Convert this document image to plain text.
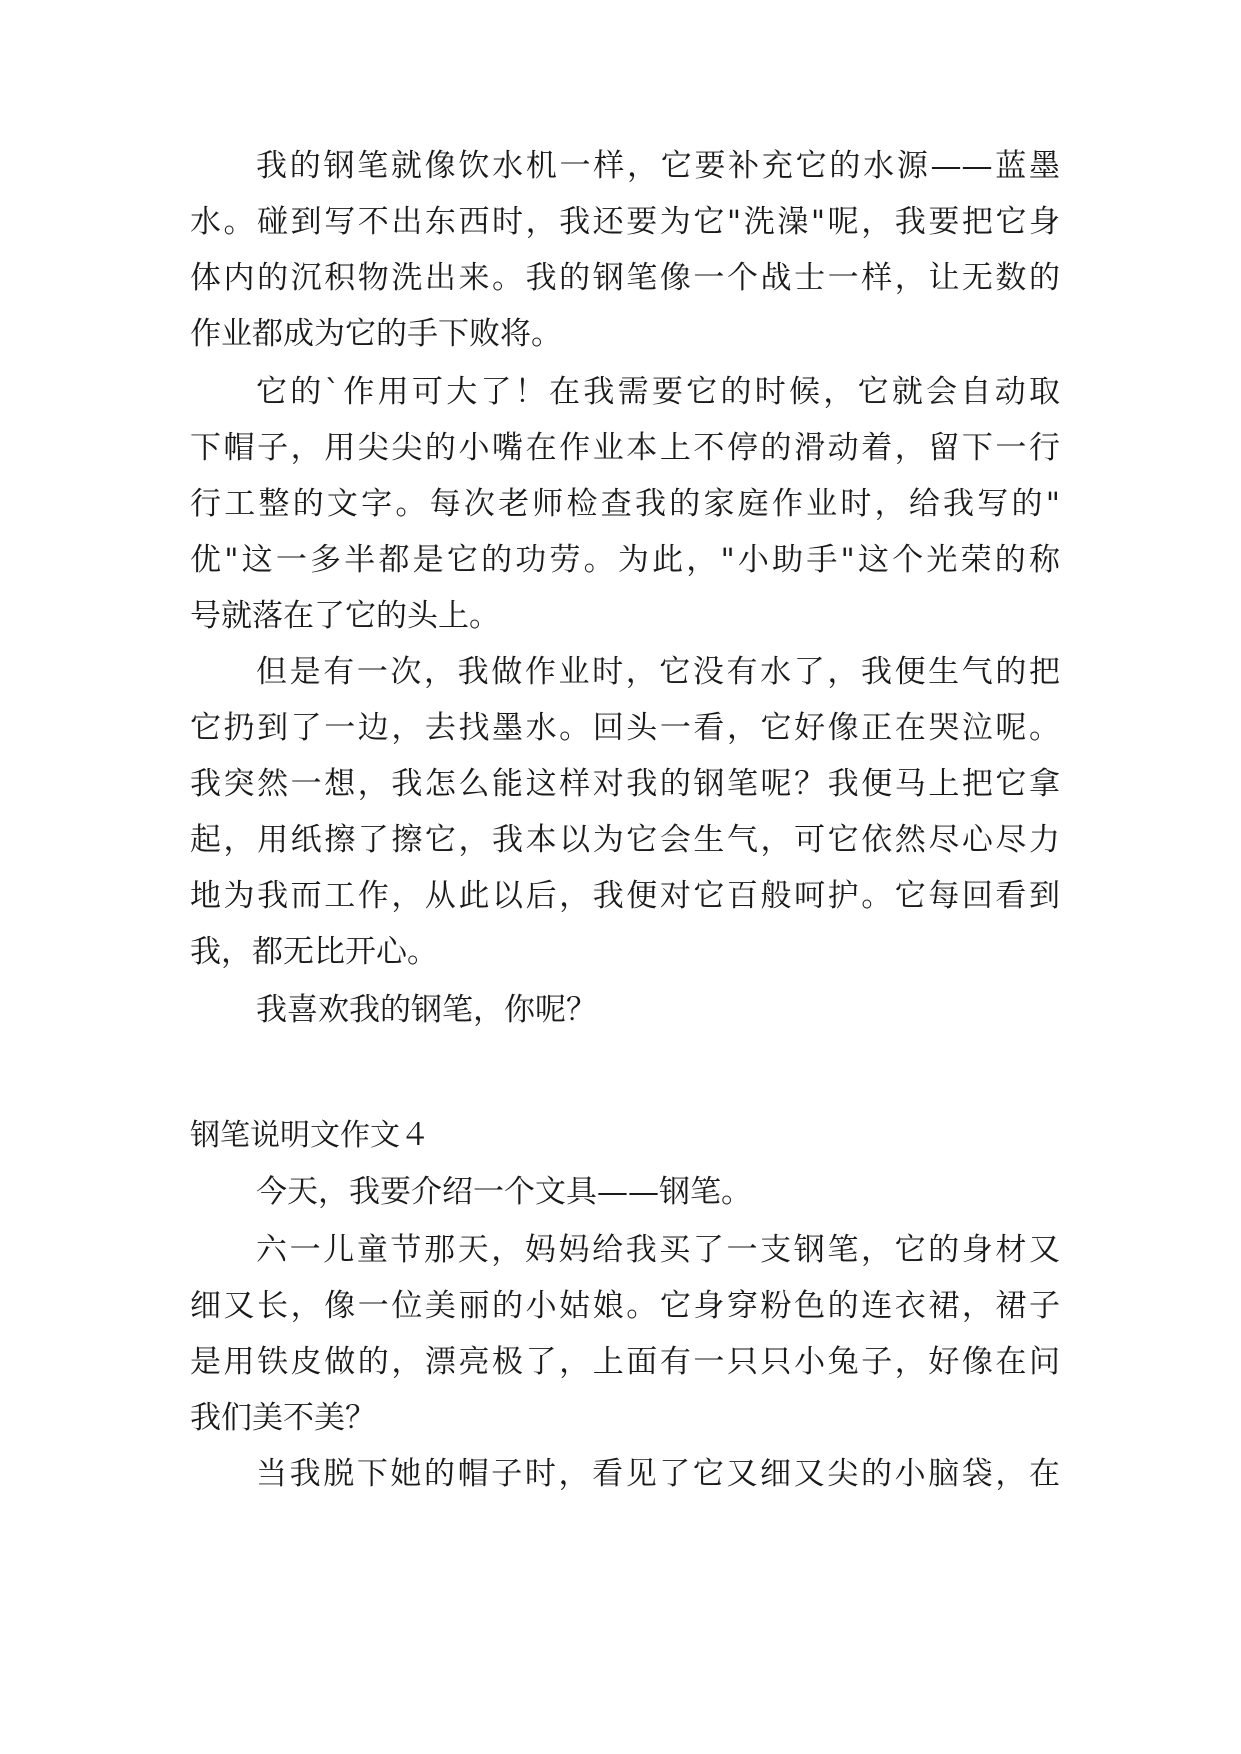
我的钢笔就像饮水机一样，它要补充它的水源——蓝墨
水。碰到写不出东西时，我还要为它"洗澡"呢，我要把它身
体内的沉积物洗出来。我的钢笔像一个战士一样，让无数的
作业都成为它的手下败将。
它的`作用可大了！在我需要它的时候，它就会自动取
下帽子，用尖尖的小嘴在作业本上不停的滑动着，留下一行
行工整的文字。每次老师检查我的家庭作业时，给我写的"
优"这一多半都是它的功劳。为此，"小助手"这个光荣的称
号就落在了它的头上。
但是有一次，我做作业时，它没有水了，我便生气的把
它扔到了一边，去找墨水。回头一看，它好像正在哭泣呢。
我突然一想，我怎么能这样对我的钢笔呢？我便马上把它拿
起，用纸擦了擦它，我本以为它会生气，可它依然尽心尽力
地为我而工作，从此以后，我便对它百般呵护。它每回看到
我，都无比开心。
我喜欢我的钢笔，你呢？
钢笔说明文作文４
今天，我要介绍一个文具——钢笔。
六一儿童节那天，妈妈给我买了一支钢笔，它的身材又
细又长，像一位美丽的小姑娘。它身穿粉色的连衣裙，裙子
是用铁皮做的，漂亮极了，上面有一只只小兔子，好像在问
我们美不美？
当我脱下她的帽子时，看见了它又细又尖的小脑袋，在
